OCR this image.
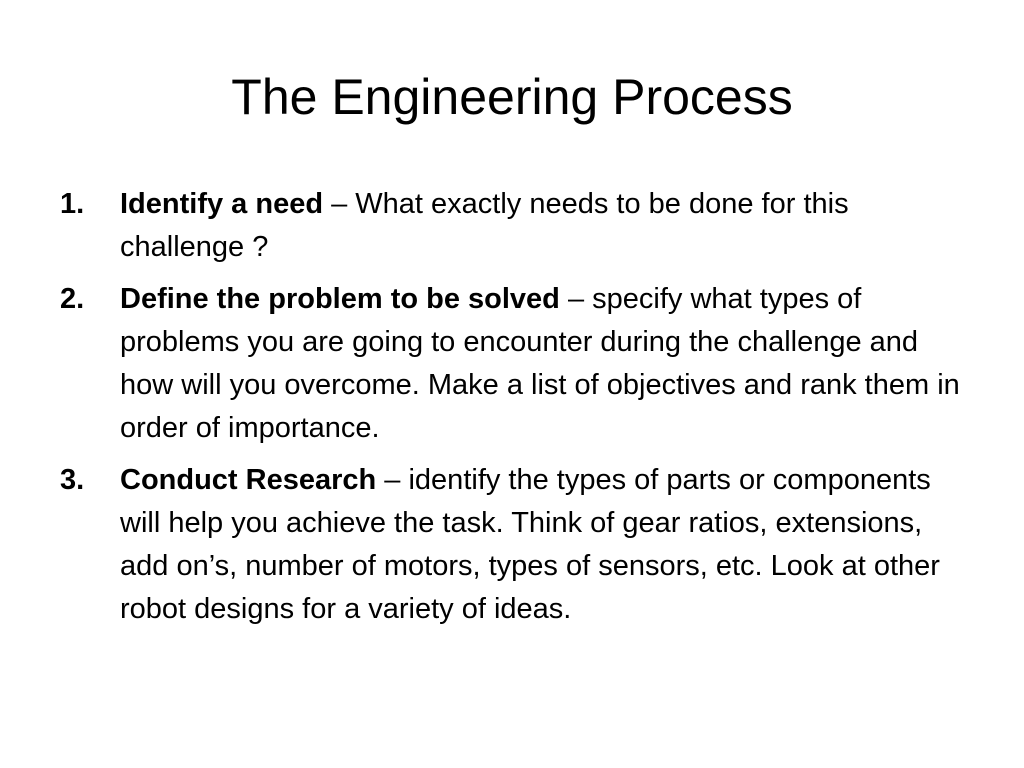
The Engineering Process
1. Identify a need – What exactly needs to be done for this challenge ?
2. Define the problem to be solved – specify what types of problems you are going to encounter during the challenge and how will you overcome. Make a list of objectives and rank them in order of importance.
3. Conduct Research – identify the types of parts or components will help you achieve the task. Think of gear ratios, extensions, add on’s, number of motors, types of sensors, etc. Look at other robot designs for a variety of ideas.
